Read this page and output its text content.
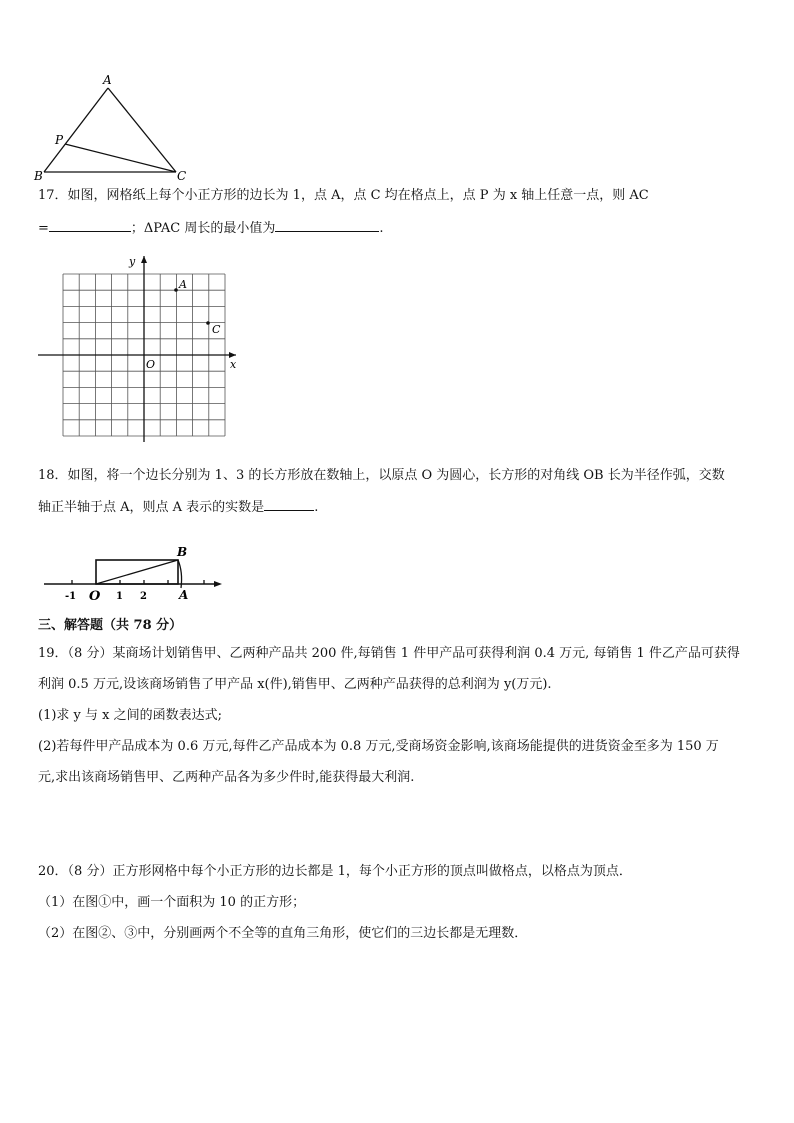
A
B	C
P
17．如图，网格纸上每个小正方形的边长为 1，点 A，点 C 均在格点上，点 P 为 x 轴上任意一点，则 AC
=	；ΔPAC 周长的最小值为	.
y
x
O
A
C
18．如图，将一个边长分别为 1、3 的长方形放在数轴上，以原点 O 为圆心，长方形的对角线 OB 长为半径作弧，交数
轴正半轴于点 A，则点 A 表示的实数是	.
B
O	A
-1	1 2
三、解答题（共 78 分）
19．（8 分）某商场计划销售甲、乙两种产品共 200 件,每销售 1 件甲产品可获得利润 0.4 万元, 每销售 1 件乙产品可获得
利润 0.5 万元,设该商场销售了甲产品 x(件),销售甲、乙两种产品获得的总利润为 y(万元).
(1)求 y 与 x 之间的函数表达式;
(2)若每件甲产品成本为 0.6 万元,每件乙产品成本为 0.8 万元,受商场资金影响,该商场能提供的进货资金至多为 150 万
元,求出该商场销售甲、乙两种产品各为多少件时,能获得最大利润.
20．（8 分）正方形网格中每个小正方形的边长都是 1，每个小正方形的顶点叫做格点，以格点为顶点．
（1）在图①中，画一个面积为 10 的正方形；
（2）在图②、③中，分别画两个不全等的直角三角形，使它们的三边长都是无理数．
